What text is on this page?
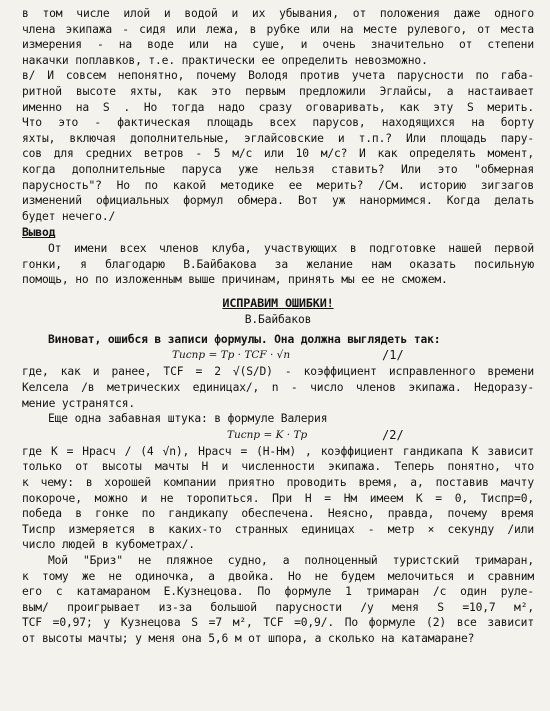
в том числе илой и водой и их убывания, от положения даже одного
члена экипажа - сидя или лежа, в рубке или на месте рулевого, от места
измерения - на воде или на суше, и очень значительно от степени
накачки поплавков, т.е. практически ее определить невозможно.
в/ И совсем непонятно, почему Володя против учета парусности по габа-
ритной высоте яхты, как это первым предложили Эглайсы, а настаивает
именно на S . Но тогда надо сразу оговаривать, как эту S мерить.
Что это - фактическая площадь всех парусов, находящихся на борту
яхты, включая дополнительные, эглайсовские и т.п.? Или площадь пару-
сов для средних ветров - 5 м/с или 10 м/с? И как определять момент,
когда дополнительные паруса уже нельзя ставить? Или это "обмерная
парусность"? Но по какой методике ее мерить? /См. историю зигзагов
изменений официальных формул обмера. Вот уж нанормимся. Когда делать
будет нечего./
Вывод
От имени всех членов клуба, участвующих в подготовке нашей первой
гонки, я благодарю В.Байбакова за желание нам оказать посильную
помощь, но по изложенным выше причинам, принять мы ее не сможем.
ИСПРАВИМ ОШИБКИ!
В.Байбаков
Виноват, ошибся в записи формулы. Она должна выглядеть так:
Tиспр = Tр · TCF · √n	/1/
где, как и ранее, TCF = 2 √(S/D) - коэффициент исправленного времени
Келсела /в метрических единицах/, n - число членов экипажа. Недоразу-
мение устранятся.
Еще одна забавная штука: в формуле Валерия
Tиспр = K · Tр	/2/
где K = Hрасч / (4 √n), Hрасч = (H-Hм) , коэффициент гандикапа K зависит
только от высоты мачты H и численности экипажа. Теперь понятно, что
к чему: в хорошей компании приятно проводить время, а, поставив мачту
покороче, можно и не торопиться. При H = Hм имеем K = 0, Tиспр=0,
победа в гонке по гандикапу обеспечена. Неясно, правда, почему время
Tиспр измеряется в каких-то странных единицах - метр × секунду /или
число людей в кубометрах/.
Мой "Бриз" не пляжное судно, а полноценный туристский тримаран,
к тому же не одиночка, а двойка. Но не будем мелочиться и сравним
его с катамараном Е.Кузнецова. По формуле 1 тримаран /с один руле-
вым/ проигрывает из-за большой парусности /у меня S =10,7 м²,
TCF =0,97; у Кузнецова S =7 м², TCF =0,9/. По формуле (2) все зависит
от высоты мачты; у меня она 5,6 м от шпора, а сколько на катамаране?
